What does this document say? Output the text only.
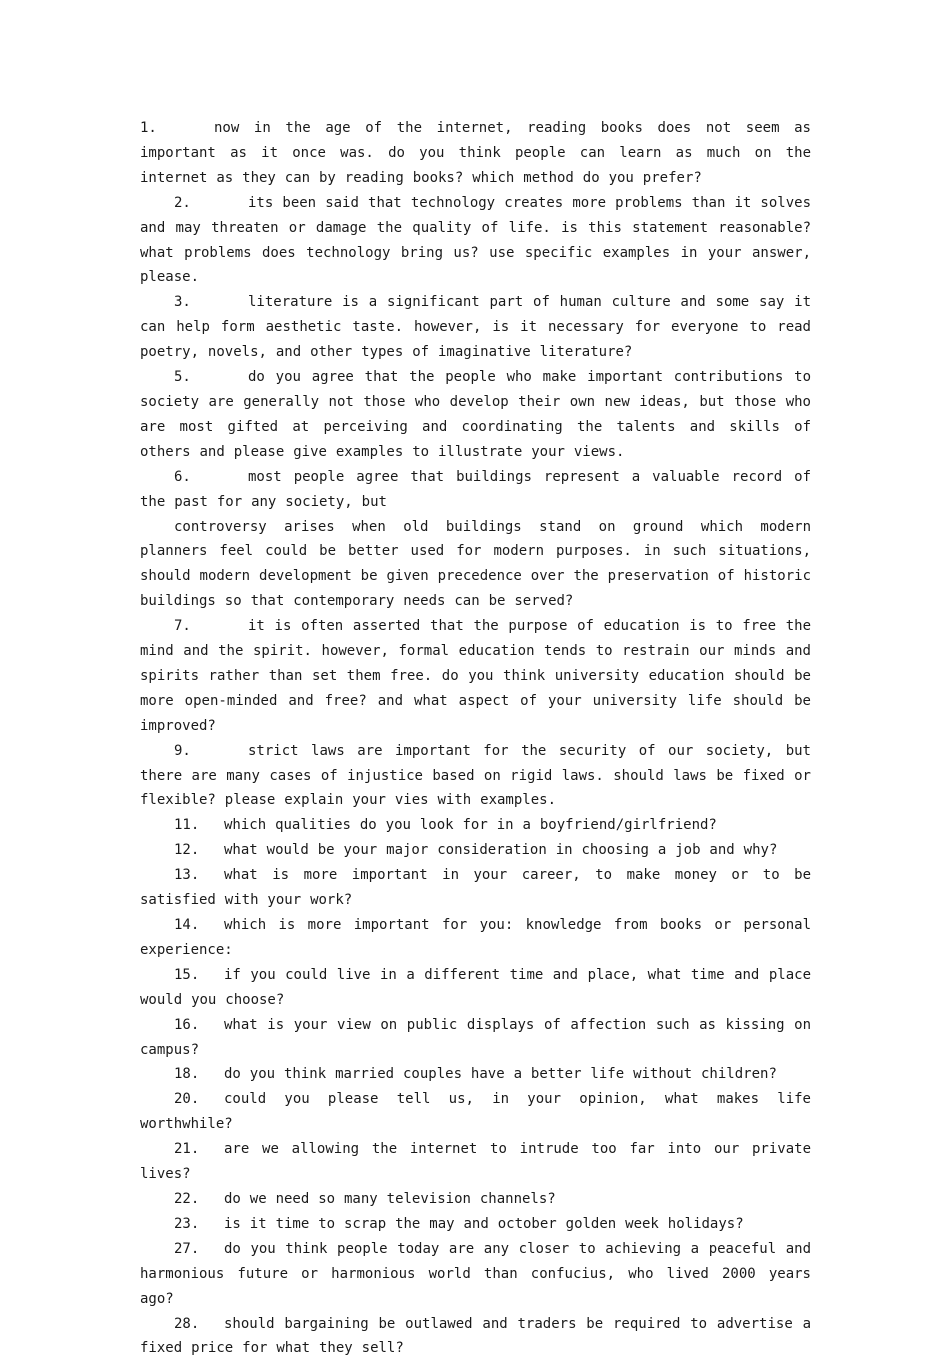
1.	now in the age of the internet, reading books does not seem as important as it once was. do you think people can learn as much on the internet as they can by reading books? which method do you prefer?

2.	its been said that technology creates more problems than it solves and may threaten or damage the quality of life. is this statement reasonable? what problems does technology bring us? use specific examples in your answer, please.

3.	literature is a significant part of human culture and some say it can help form aesthetic taste. however, is it necessary for everyone to read poetry, novels, and other types of imaginative literature?

5.	do you agree that the people who make important contributions to society are generally not those who develop their own new ideas, but those who are most gifted at perceiving and coordinating the talents and skills of others and please give examples to illustrate your views.

6.	most people agree that buildings represent a valuable record of the past for any society, but

controversy arises when old buildings stand on ground which modern planners feel could be better used for modern purposes. in such situations, should modern development be given precedence over the preservation of historic buildings so that contemporary needs can be served?

7.	it is often asserted that the purpose of education is to free the mind and the spirit. however, formal education tends to restrain our minds and spirits rather than set them free. do you think university education should be more open-minded and free? and what aspect of your university life should be improved?

9.	strict laws are important for the security of our society, but there are many cases of injustice based on rigid laws. should laws be fixed or flexible? please explain your vies with examples.

11. which qualities do you look for in a boyfriend/girlfriend?

12. what would be your major consideration in choosing a job and why?

13. what is more important in your career, to make money or to be satisfied with your work?

14. which is more important for you: knowledge from books or personal experience:

15. if you could live in a different time and place, what time and place would you choose?

16. what is your view on public displays of affection such as kissing on campus?

18. do you think married couples have a better life without children?

20. could you please tell us, in your opinion, what makes life worthwhile?

21. are we allowing the internet to intrude too far into our private lives?

22. do we need so many television channels?

23. is it time to scrap the may and october golden week holidays?

27. do you think people today are any closer to achieving a peaceful and harmonious future or harmonious world than confucius, who lived 2000 years ago?

28. should bargaining be outlawed and traders be required to advertise a fixed price for what they sell?
